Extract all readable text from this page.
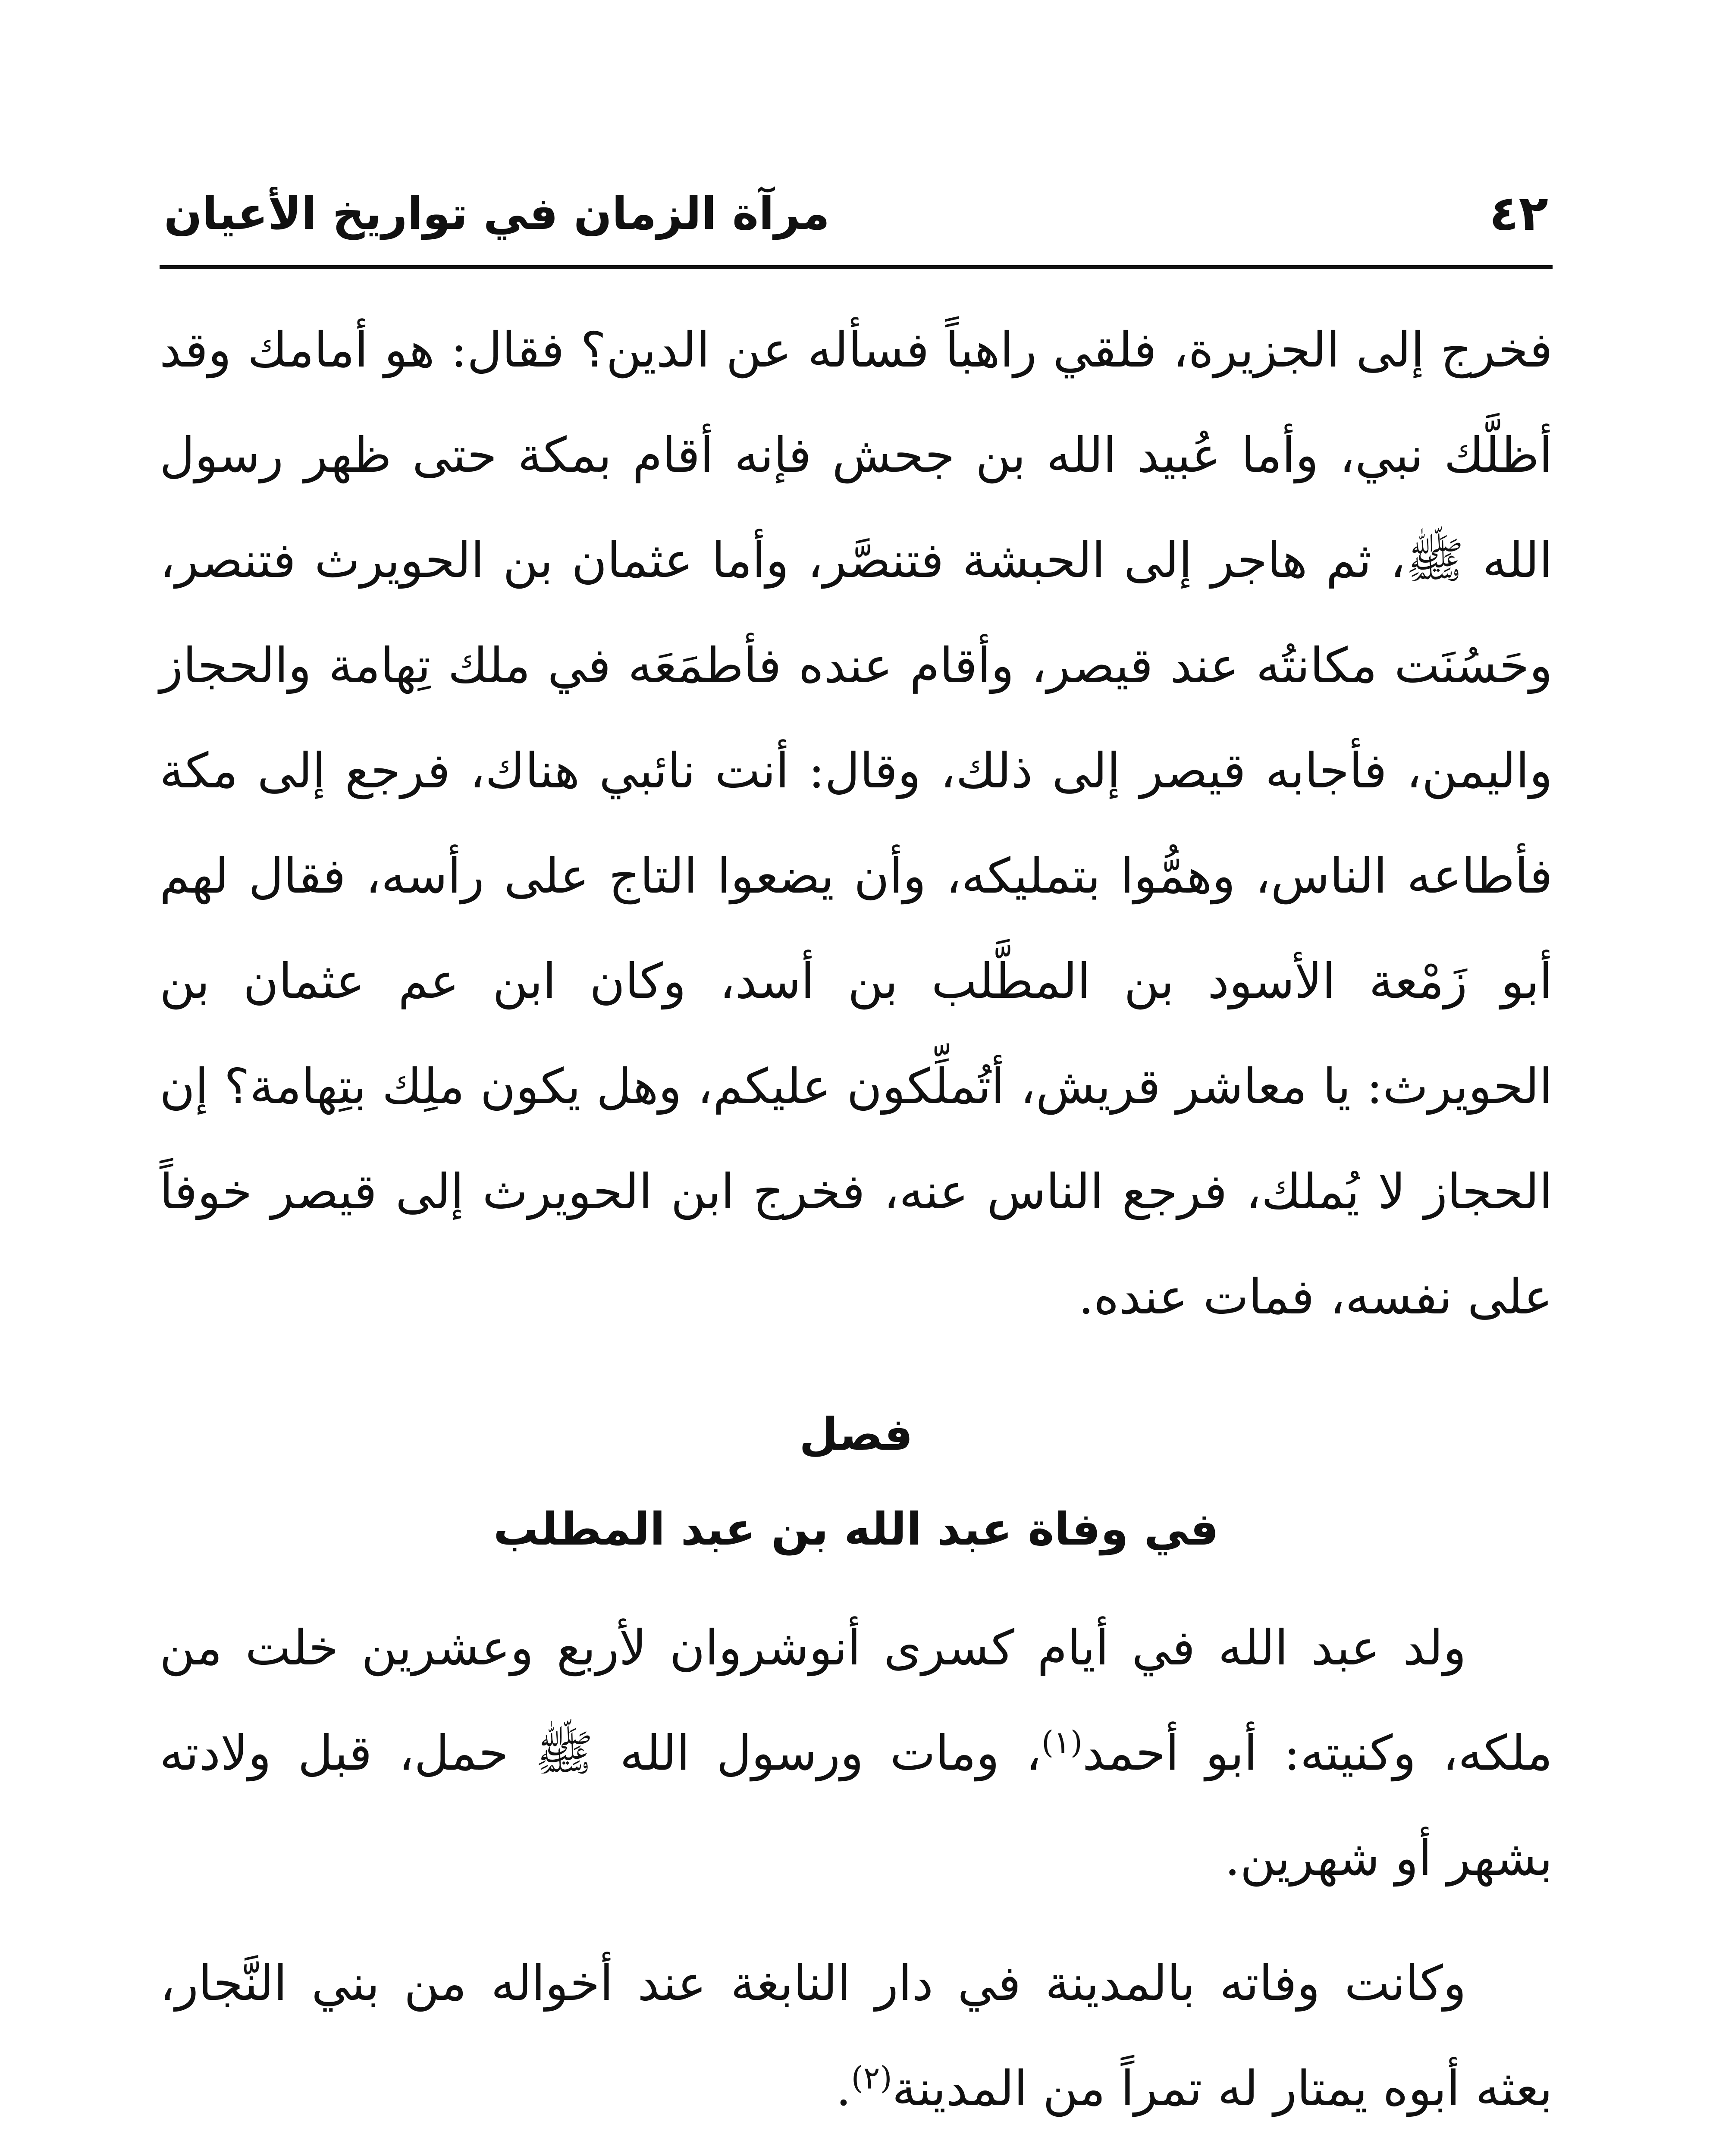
٤٢
مرآة الزمان في تواريخ الأعيان

فخرج إلى الجزيرة، فلقي راهباً فسأله عن الدين؟ فقال: هو أمامك وقد أظلَّك نبي، وأما عُبيد الله بن جحش فإنه أقام بمكة حتى ظهر رسول الله ﷺ، ثم هاجر إلى الحبشة فتنصَّر، وأما عثمان بن الحويرث فتنصر، وحَسُنَت مكانتُه عند قيصر، وأقام عنده فأطمَعَه في ملك تِهامة والحجاز واليمن، فأجابه قيصر إلى ذلك، وقال: أنت نائبي هناك، فرجع إلى مكة فأطاعه الناس، وهمُّوا بتمليكه، وأن يضعوا التاج على رأسه، فقال لهم أبو زَمْعة الأسود بن المطَّلب بن أسد، وكان ابن عم عثمان بن الحويرث: يا معاشر قريش، أتُملِّكون عليكم، وهل يكون ملِك بتِهامة؟ إن الحجاز لا يُملك، فرجع الناس عنه، فخرج ابن الحويرث إلى قيصر خوفاً على نفسه، فمات عنده.

فصل

في وفاة عبد الله بن عبد المطلب

ولد عبد الله في أيام كسرى أنوشروان لأربع وعشرين خلت من ملكه، وكنيته: أبو أحمد$^{(١)}$، ومات ورسول الله ﷺ حمل، قبل ولادته بشهر أو شهرين.

وكانت وفاته بالمدينة في دار النابغة عند أخواله من بني النَّجار، بعثه أبوه يمتار له تمراً من المدينة$^{(٢)}$.
